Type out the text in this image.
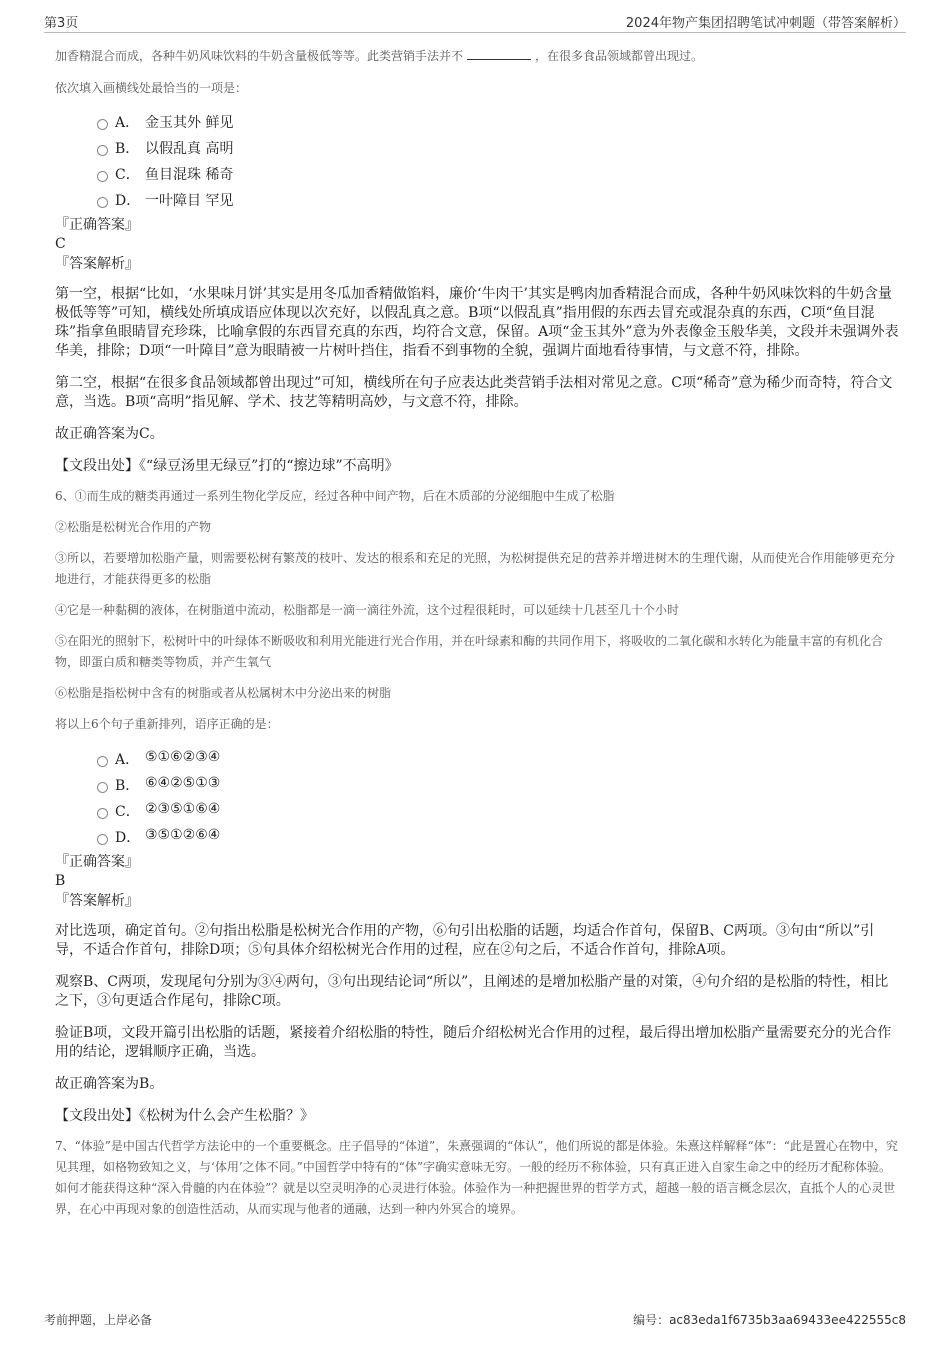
第3页	2024年物产集团招聘笔试冲刺题（带答案解析）

加香精混合而成，各种牛奶风味饮料的牛奶含量极低等等。此类营销手法并不	，在很多食品领域都曾出现过。

依次填入画横线处最恰当的一项是：

A． 金玉其外 鲜见
B． 以假乱真 高明
C． 鱼目混珠 稀奇
D． 一叶障目 罕见

『正确答案』

C

『答案解析』

第一空，根据“比如，‘水果味月饼’其实是用冬瓜加香精做馅料，廉价‘牛肉干’其实是鸭肉加香精混合而成，各种牛奶风味饮料的牛奶含量极低等等”可知，横线处所填成语应体现以次充好，以假乱真之意。B项“以假乱真”指用假的东西去冒充或混杂真的东西，C项“鱼目混珠”指拿鱼眼睛冒充珍珠，比喻拿假的东西冒充真的东西，均符合文意，保留。A项“金玉其外”意为外表像金玉般华美，文段并未强调外表华美，排除；D项“一叶障目”意为眼睛被一片树叶挡住，指看不到事物的全貌，强调片面地看待事情，与文意不符，排除。

第二空，根据“在很多食品领域都曾出现过”可知，横线所在句子应表达此类营销手法相对常见之意。C项“稀奇”意为稀少而奇特，符合文意，当选。B项“高明”指见解、学术、技艺等精明高妙，与文意不符，排除。

故正确答案为C。

【文段出处】《“绿豆汤里无绿豆”打的“擦边球”不高明》

6、①而生成的糖类再通过一系列生物化学反应，经过各种中间产物，后在木质部的分泌细胞中生成了松脂

②松脂是松树光合作用的产物

③所以，若要增加松脂产量，则需要松树有繁茂的枝叶、发达的根系和充足的光照，为松树提供充足的营养并增进树木的生理代谢，从而使光合作用能够更充分地进行，才能获得更多的松脂

④它是一种黏稠的液体，在树脂道中流动，松脂都是一滴一滴往外流，这个过程很耗时，可以延续十几甚至几十个小时

⑤在阳光的照射下，松树叶中的叶绿体不断吸收和利用光能进行光合作用，并在叶绿素和酶的共同作用下，将吸收的二氧化碳和水转化为能量丰富的有机化合物，即蛋白质和糖类等物质，并产生氧气

⑥松脂是指松树中含有的树脂或者从松属树木中分泌出来的树脂

将以上6个句子重新排列，语序正确的是：

A． ⑤①⑥②③④
B． ⑥④②⑤①③
C． ②③⑤①⑥④
D． ③⑤①②⑥④

『正确答案』

B

『答案解析』

对比选项，确定首句。②句指出松脂是松树光合作用的产物，⑥句引出松脂的话题，均适合作首句，保留B、C两项。③句由“所以”引导，不适合作首句，排除D项；⑤句具体介绍松树光合作用的过程，应在②句之后，不适合作首句，排除A项。

观察B、C两项，发现尾句分别为③④两句，③句出现结论词“所以”，且阐述的是增加松脂产量的对策，④句介绍的是松脂的特性，相比之下，③句更适合作尾句，排除C项。

验证B项，文段开篇引出松脂的话题，紧接着介绍松脂的特性，随后介绍松树光合作用的过程，最后得出增加松脂产量需要充分的光合作用的结论，逻辑顺序正确，当选。

故正确答案为B。

【文段出处】《松树为什么会产生松脂？》

7、“体验”是中国古代哲学方法论中的一个重要概念。庄子倡导的“体道”，朱熹强调的“体认”，他们所说的都是体验。朱熹这样解释“体”：“此是置心在物中，究见其理，如格物致知之义，与‘体用’之体不同。”中国哲学中特有的“体”字确实意味无穷。一般的经历不称体验，只有真正进入自家生命之中的经历才配称体验。如何才能获得这种“深入骨髓的内在体验”？就是以空灵明净的心灵进行体验。体验作为一种把握世界的哲学方式，超越一般的语言概念层次，直抵个人的心灵世界，在心中再现对象的创造性活动，从而实现与他者的通融，达到一种内外冥合的境界。

考前押题，上岸必备	编号：ac83eda1f6735b3aa69433ee422555c8
